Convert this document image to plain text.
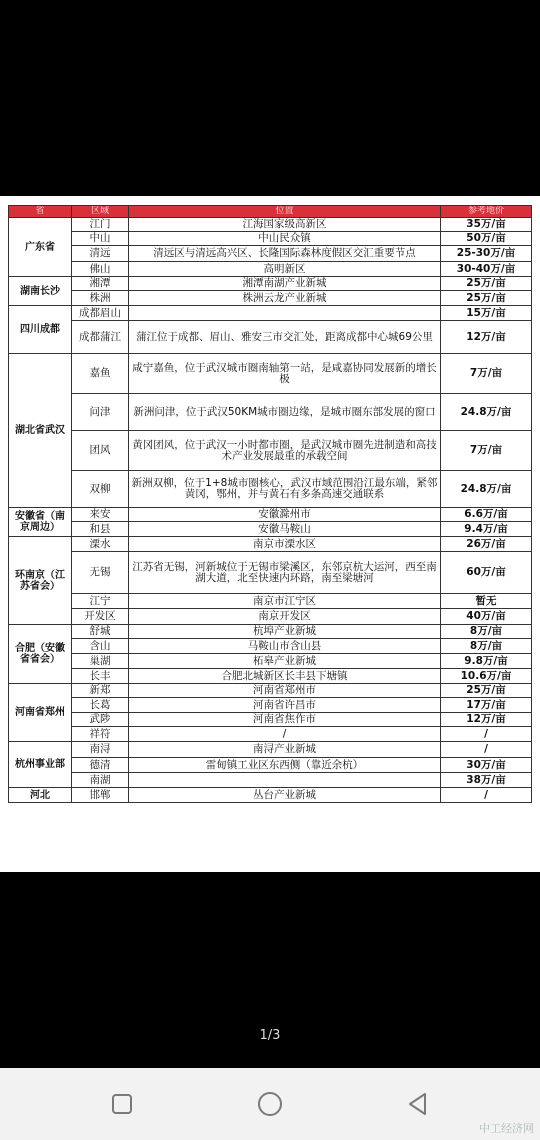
省	区域	位置	参考地价
广东省	江门	江海国家级高新区	35万/亩
	中山	中山民众镇	50万/亩
	清远	清远区与清远高兴区、长隆国际森林度假区交汇重要节点	25-30万/亩
	佛山	高明新区	30-40万/亩
湖南长沙	湘潭	湘潭南湖产业新城	25万/亩
	株洲	株洲云龙产业新城	25万/亩
四川成都	成都眉山		15万/亩
	成都蒲江	蒲江位于成都、眉山、雅安三市交汇处，距离成都中心城69公里	12万/亩
湖北省武汉	嘉鱼	咸宁嘉鱼，位于武汉城市圈南轴第一站，是咸嘉协同发展新的增长极	7万/亩
	问津	新洲问津，位于武汉50KM城市圈边缘，是城市圈东部发展的窗口	24.8万/亩
	团风	黄冈团风，位于武汉一小时都市圈，是武汉城市圈先进制造和高技术产业发展最重的承载空间	7万/亩
	双柳	新洲双柳，位于1+8城市圈核心，武汉市域范围沿江最东端，紧邻黄冈，鄂州，并与黄石有多条高速交通联系	24.8万/亩
安徽省（南京周边）	来安	安徽滁州市	6.6万/亩
	和县	安徽马鞍山	9.4万/亩
环南京（江苏省会）	溧水	南京市溧水区	26万/亩
	无锡	江苏省无锡，河新城位于无锡市梁溪区，东邻京杭大运河，西至南湖大道，北至快速内环路，南至梁塘河	60万/亩
	江宁	南京市江宁区	暂无
	开发区	南京开发区	40万/亩
合肥（安徽省省会）	舒城	杭埠产业新城	8万/亩
	含山	马鞍山市含山县	8万/亩
	巢湖	柘皋产业新城	9.8万/亩
	长丰	合肥北城新区长丰县下塘镇	10.6万/亩
河南省郑州	新郑	河南省郑州市	25万/亩
	长葛	河南省许昌市	17万/亩
	武陟	河南省焦作市	12万/亩
	祥符	/	/
杭州事业部	南浔	南浔产业新城	/
	德清	雷甸镇工业区东西侧（靠近余杭）	30万/亩
	南湖		38万/亩
河北	邯郸	丛台产业新城	/
1/3
中工经济网
